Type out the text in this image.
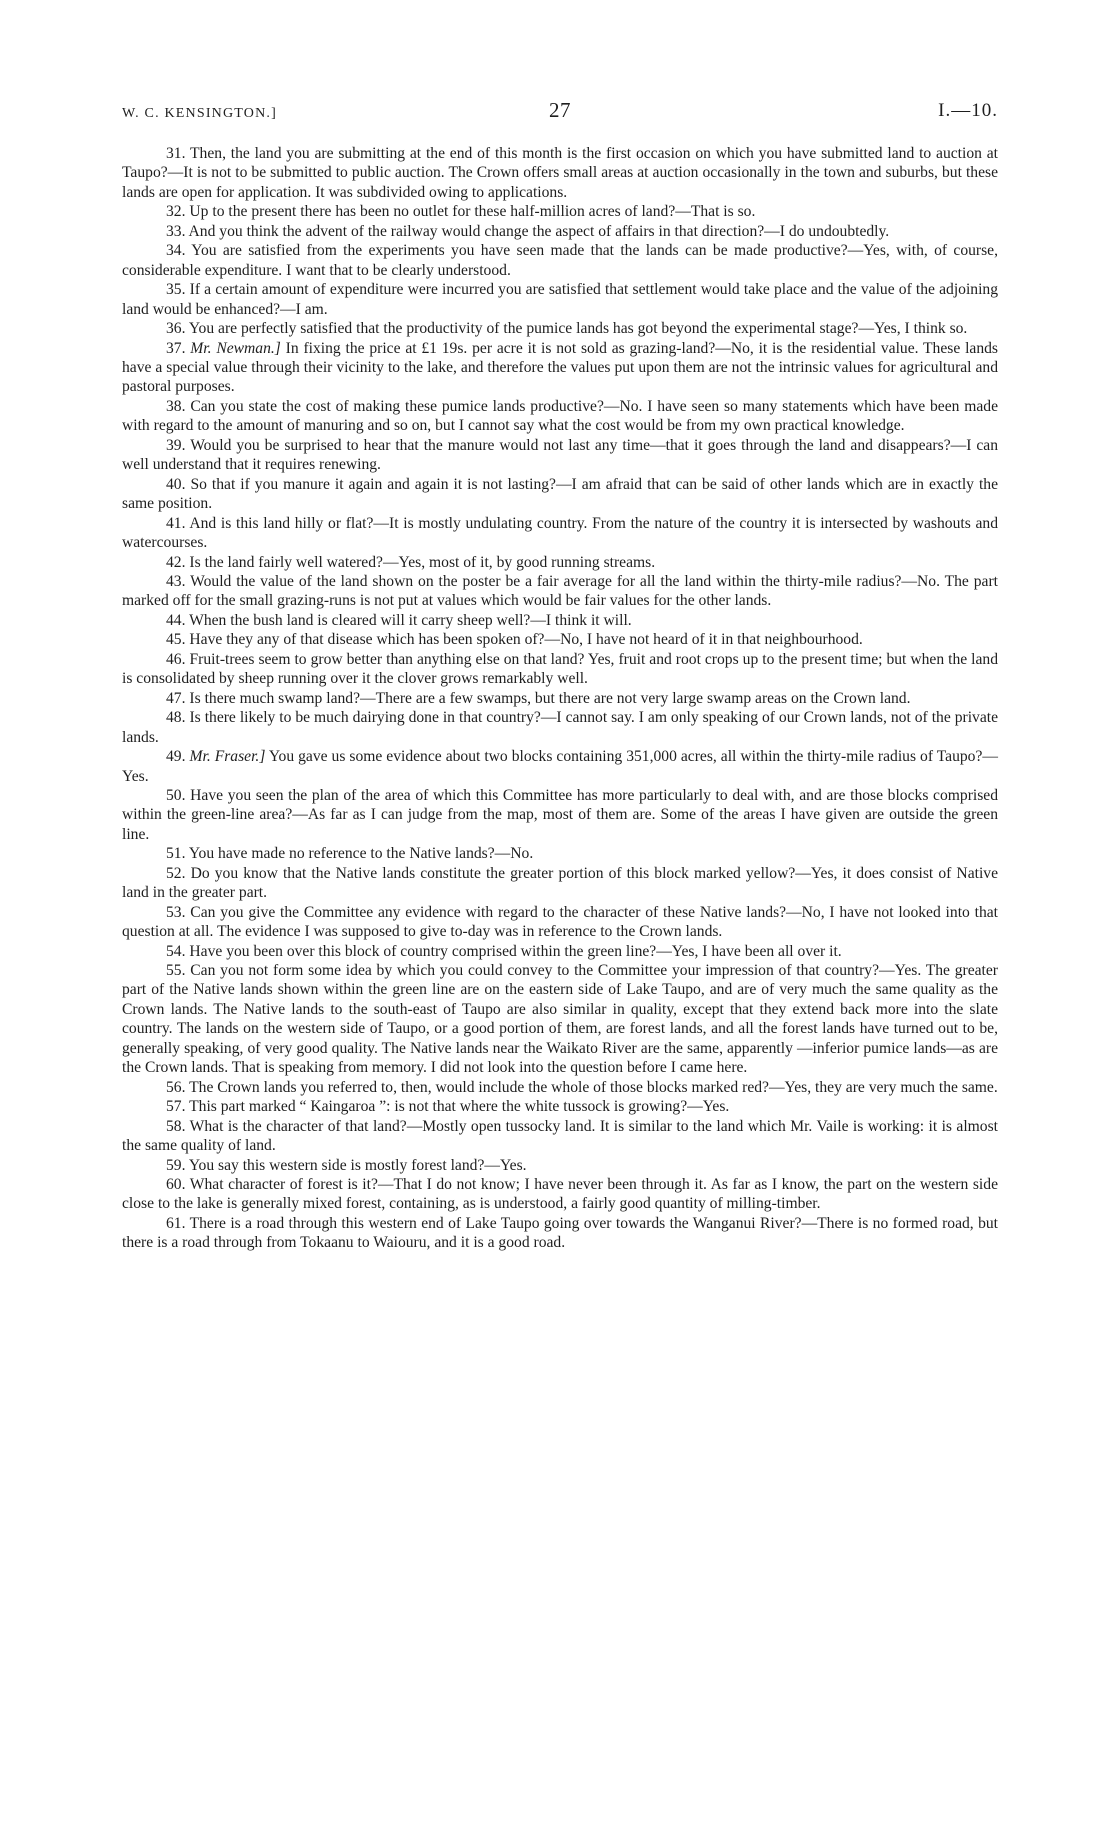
W. C. KENSINGTON.]	27	I.—10.

31. Then, the land you are submitting at the end of this month is the first occasion on which you have submitted land to auction at Taupo?—It is not to be submitted to public auction. The Crown offers small areas at auction occasionally in the town and suburbs, but these lands are open for application. It was subdivided owing to applications.

32. Up to the present there has been no outlet for these half-million acres of land?—That is so.

33. And you think the advent of the railway would change the aspect of affairs in that direction?—I do undoubtedly.

34. You are satisfied from the experiments you have seen made that the lands can be made productive?—Yes, with, of course, considerable expenditure. I want that to be clearly understood.

35. If a certain amount of expenditure were incurred you are satisfied that settlement would take place and the value of the adjoining land would be enhanced?—I am.

36. You are perfectly satisfied that the productivity of the pumice lands has got beyond the experimental stage?—Yes, I think so.

37. Mr. Newman.] In fixing the price at £1 19s. per acre it is not sold as grazing-land?—No, it is the residential value. These lands have a special value through their vicinity to the lake, and therefore the values put upon them are not the intrinsic values for agricultural and pastoral purposes.

38. Can you state the cost of making these pumice lands productive?—No. I have seen so many statements which have been made with regard to the amount of manuring and so on, but I cannot say what the cost would be from my own practical knowledge.

39. Would you be surprised to hear that the manure would not last any time—that it goes through the land and disappears?—I can well understand that it requires renewing.

40. So that if you manure it again and again it is not lasting?—I am afraid that can be said of other lands which are in exactly the same position.

41. And is this land hilly or flat?—It is mostly undulating country. From the nature of the country it is intersected by washouts and watercourses.

42. Is the land fairly well watered?—Yes, most of it, by good running streams.

43. Would the value of the land shown on the poster be a fair average for all the land within the thirty-mile radius?—No. The part marked off for the small grazing-runs is not put at values which would be fair values for the other lands.

44. When the bush land is cleared will it carry sheep well?—I think it will.

45. Have they any of that disease which has been spoken of?—No, I have not heard of it in that neighbourhood.

46. Fruit-trees seem to grow better than anything else on that land? Yes, fruit and root crops up to the present time; but when the land is consolidated by sheep running over it the clover grows remarkably well.

47. Is there much swamp land?—There are a few swamps, but there are not very large swamp areas on the Crown land.

48. Is there likely to be much dairying done in that country?—I cannot say. I am only speaking of our Crown lands, not of the private lands.

49. Mr. Fraser.] You gave us some evidence about two blocks containing 351,000 acres, all within the thirty-mile radius of Taupo?—Yes.

50. Have you seen the plan of the area of which this Committee has more particularly to deal with, and are those blocks comprised within the green-line area?—As far as I can judge from the map, most of them are. Some of the areas I have given are outside the green line.

51. You have made no reference to the Native lands?—No.

52. Do you know that the Native lands constitute the greater portion of this block marked yellow?—Yes, it does consist of Native land in the greater part.

53. Can you give the Committee any evidence with regard to the character of these Native lands?—No, I have not looked into that question at all. The evidence I was supposed to give to-day was in reference to the Crown lands.

54. Have you been over this block of country comprised within the green line?—Yes, I have been all over it.

55. Can you not form some idea by which you could convey to the Committee your impression of that country?—Yes. The greater part of the Native lands shown within the green line are on the eastern side of Lake Taupo, and are of very much the same quality as the Crown lands. The Native lands to the south-east of Taupo are also similar in quality, except that they extend back more into the slate country. The lands on the western side of Taupo, or a good portion of them, are forest lands, and all the forest lands have turned out to be, generally speaking, of very good quality. The Native lands near the Waikato River are the same, apparently —inferior pumice lands—as are the Crown lands. That is speaking from memory. I did not look into the question before I came here.

56. The Crown lands you referred to, then, would include the whole of those blocks marked red?—Yes, they are very much the same.

57. This part marked “ Kaingaroa ”: is not that where the white tussock is growing?—Yes.

58. What is the character of that land?—Mostly open tussocky land. It is similar to the land which Mr. Vaile is working: it is almost the same quality of land.

59. You say this western side is mostly forest land?—Yes.

60. What character of forest is it?—That I do not know; I have never been through it. As far as I know, the part on the western side close to the lake is generally mixed forest, containing, as is understood, a fairly good quantity of milling-timber.

61. There is a road through this western end of Lake Taupo going over towards the Wanganui River?—There is no formed road, but there is a road through from Tokaanu to Waiouru, and it is a good road.
